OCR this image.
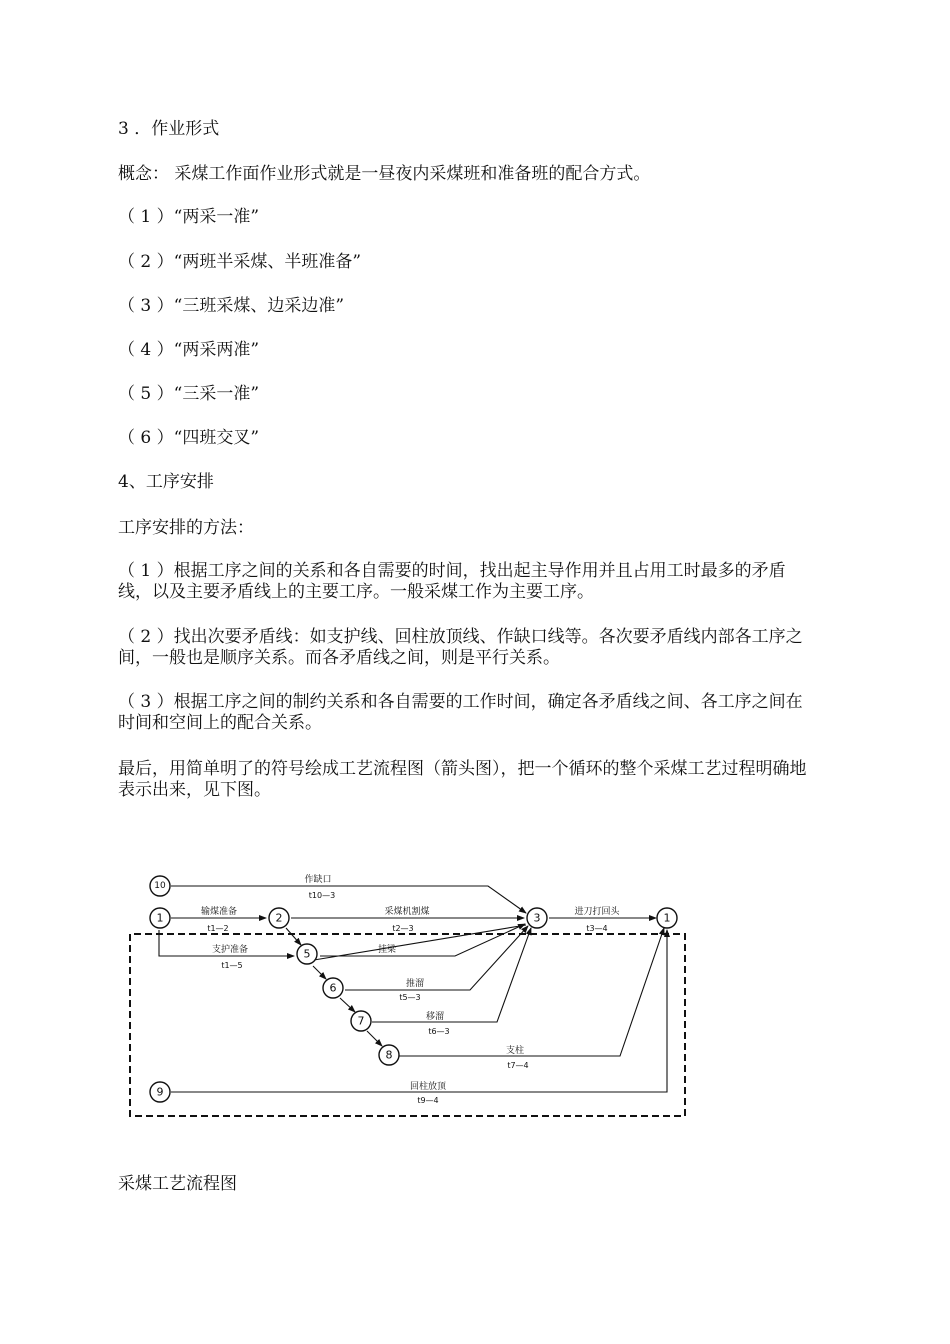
3 ．作业形式

概念： 采煤工作面作业形式就是一昼夜内采煤班和准备班的配合方式。

（ 1 ）“两采一准”

（ 2 ）“两班半采煤、半班准备”

（ 3 ）“三班采煤、边采边准”

（ 4 ）“两采两准”

（ 5 ）“三采一准”

（ 6 ）“四班交叉”

4、工序安排

工序安排的方法：

（ 1 ）根据工序之间的关系和各自需要的时间，找出起主导作用并且占用工时最多的矛盾线，以及主要矛盾线上的主要工序。一般采煤工作为主要工序。

（ 2 ）找出次要矛盾线：如支护线、回柱放顶线、作缺口线等。各次要矛盾线内部各工序之间，一般也是顺序关系。而各矛盾线之间，则是平行关系。

（ 3 ）根据工序之间的制约关系和各自需要的工作时间，确定各矛盾线之间、各工序之间在时间和空间上的配合关系。

最后，用简单明了的符号绘成工艺流程图（箭头图），把一个循环的整个采煤工艺过程明确地表示出来，见下图。

作缺口
t10—3
输煤准备
t1—2
采煤机割煤
t2—3
进刀打回头
t3—4
支护准备
t1—5
挂梁
推溜
t5—3
移溜
t6—3
支柱
t7—4
回柱放顶
t9—4
10
1	2	3	1
5
6
7
8
9

采煤工艺流程图
